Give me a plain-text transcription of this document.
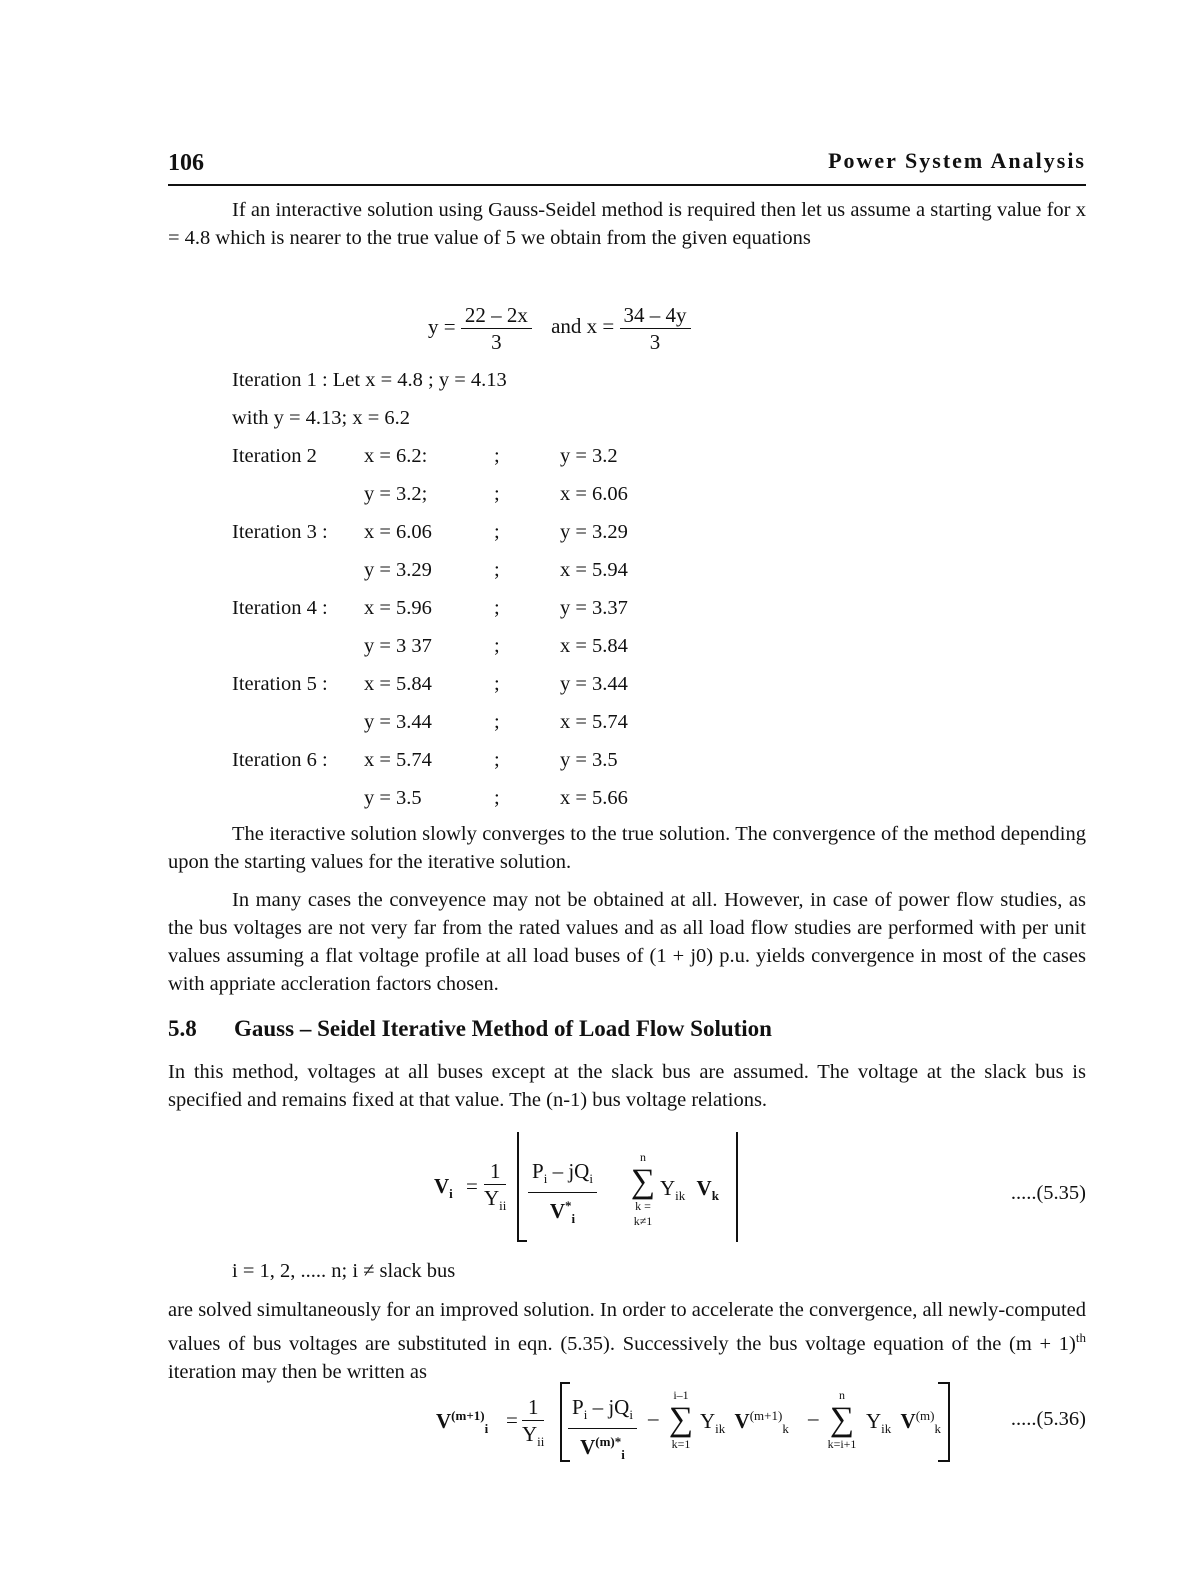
106	Power System Analysis

If an interactive solution using Gauss-Seidel method is required then let us assume a starting value for x = 4.8 which is nearer to the true value of 5 we obtain from the given equations

$y = \frac{22 - 2x}{3}$ and $x = \frac{34 - 4y}{3}$
Iteration 1 : Let x = 4.8 ; y = 4.13
with y = 4.13; x = 6.2
Iteration 2 x = 6.2:	;	y = 3.2
y = 3.2;	;	x = 6.06
Iteration 3 : x = 6.06	;	y = 3.29
y = 3.29	;	x = 5.94
Iteration 4 : x = 5.96	;	y = 3.37
y = 3 37	;	x = 5.84
Iteration 5 : x = 5.84	;	y = 3.44
y = 3.44	;	x = 5.74
Iteration 6 : x = 5.74	;	y = 3.5
y = 3.5	;	x = 5.66

The iteractive solution slowly converges to the true solution. The convergence of the method depending upon the starting values for the iterative solution.

In many cases the conveyence may not be obtained at all. However, in case of power flow studies, as the bus voltages are not very far from the rated values and as all load flow studies are performed with per unit values assuming a flat voltage profile at all load buses of (1 + j0) p.u. yields convergence in most of the cases with appriate accleration factors chosen.

5.8 Gauss – Seidel Iterative Method of Load Flow Solution

In this method, voltages at all buses except at the slack bus are assumed. The voltage at the slack bus is specified and remains fixed at that value. The (n-1) bus voltage relations.

$V_i = \frac{1}{Y_{ii}} \frac{P_i - jQ_i}{V^*_i}$
n
∑
k =
k≠1
$Y_{ik}$ $V_k$	.....(5.35)
i = 1, 2, ..... n; i ≠ slack bus

are solved simultaneously for an improved solution. In order to accelerate the convergence, all newly-computed values of bus voltages are substituted in eqn. (5.35). Successively the bus voltage equation of the $(m + 1)^{th}$ iteration may then be written as

$V^{(m+1)}_i = \frac{1}{Y_{ii}} \frac{P_i - jQ_i}{V^{(m)*}_i}$ –
i–1
∑
k=1
$Y_{ik}$ $V^{(m+1)}_k$ –
n
∑
k=i+1
$Y_{ik}$ $V^{(m)}_k$	.....(5.36)
